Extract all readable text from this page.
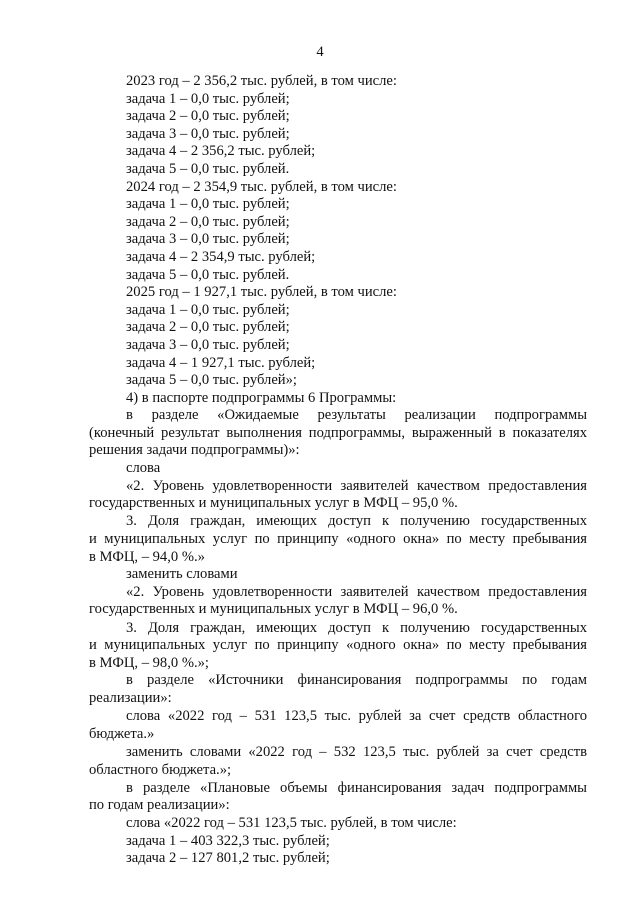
4

2023 год – 2 356,2 тыс. рублей, в том числе:

задача 1 – 0,0 тыс. рублей;

задача 2 – 0,0 тыс. рублей;

задача 3 – 0,0 тыс. рублей;

задача 4 – 2 356,2 тыс. рублей;

задача 5 – 0,0 тыс. рублей.

2024 год – 2 354,9 тыс. рублей, в том числе:

задача 1 – 0,0 тыс. рублей;

задача 2 – 0,0 тыс. рублей;

задача 3 – 0,0 тыс. рублей;

задача 4 – 2 354,9 тыс. рублей;

задача 5 – 0,0 тыс. рублей.

2025 год – 1 927,1 тыс. рублей, в том числе:

задача 1 – 0,0 тыс. рублей;

задача 2 – 0,0 тыс. рублей;

задача 3 – 0,0 тыс. рублей;

задача 4 – 1 927,1 тыс. рублей;

задача 5 – 0,0 тыс. рублей»;

4) в паспорте подпрограммы 6 Программы:

в разделе «Ожидаемые результаты реализации подпрограммы

(конечный результат выполнения подпрограммы, выраженный в показателях

решения задачи подпрограммы)»:

слова

«2. Уровень удовлетворенности заявителей качеством предоставления

государственных и муниципальных услуг в МФЦ – 95,0 %.

3. Доля граждан, имеющих доступ к получению государственных

и муниципальных услуг по принципу «одного окна» по месту пребывания

в МФЦ, – 94,0 %.»

заменить словами

«2. Уровень удовлетворенности заявителей качеством предоставления

государственных и муниципальных услуг в МФЦ – 96,0 %.

3. Доля граждан, имеющих доступ к получению государственных

и муниципальных услуг по принципу «одного окна» по месту пребывания

в МФЦ, – 98,0 %.»;

в разделе «Источники финансирования подпрограммы по годам

реализации»:

слова «2022 год – 531 123,5 тыс. рублей за счет средств областного

бюджета.»

заменить словами «2022 год – 532 123,5 тыс. рублей за счет средств

областного бюджета.»;

в разделе «Плановые объемы финансирования задач подпрограммы

по годам реализации»:

слова «2022 год – 531 123,5 тыс. рублей, в том числе:

задача 1 – 403 322,3 тыс. рублей;

задача 2 – 127 801,2 тыс. рублей;
